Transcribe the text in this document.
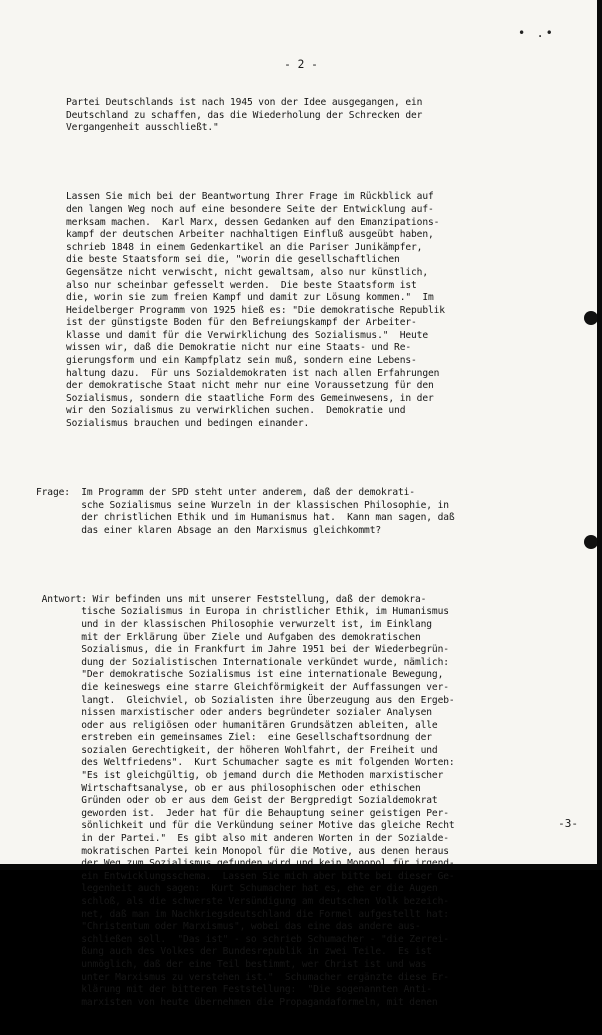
• .•
- 2 -

Partei Deutschlands ist nach 1945 von der Idee ausgegangen, ein
Deutschland zu schaffen, das die Wiederholung der Schrecken der
Vergangenheit ausschließt."

Lassen Sie mich bei der Beantwortung Ihrer Frage im Rückblick auf
den langen Weg noch auf eine besondere Seite der Entwicklung auf-
merksam machen.  Karl Marx, dessen Gedanken auf den Emanzipations-
kampf der deutschen Arbeiter nachhaltigen Einfluß ausgeübt haben,
schrieb 1848 in einem Gedenkartikel an die Pariser Junikämpfer,
die beste Staatsform sei die, "worin die gesellschaftlichen
Gegensätze nicht verwischt, nicht gewaltsam, also nur künstlich,
also nur scheinbar gefesselt werden.  Die beste Staatsform ist
die, worin sie zum freien Kampf und damit zur Lösung kommen."  Im
Heidelberger Programm von 1925 hieß es: "Die demokratische Republik
ist der günstigste Boden für den Befreiungskampf der Arbeiter-
klasse und damit für die Verwirklichung des Sozialismus."  Heute
wissen wir, daß die Demokratie nicht nur eine Staats- und Re-
gierungsform und ein Kampfplatz sein muß, sondern eine Lebens-
haltung dazu.  Für uns Sozialdemokraten ist nach allen Erfahrungen
der demokratische Staat nicht mehr nur eine Voraussetzung für den
Sozialismus, sondern die staatliche Form des Gemeinwesens, in der
wir den Sozialismus zu verwirklichen suchen.  Demokratie und
Sozialismus brauchen und bedingen einander.

Frage:  Im Programm der SPD steht unter anderem, daß der demokrati-
sche Sozialismus seine Wurzeln in der klassischen Philosophie, in
der christlichen Ethik und im Humanismus hat.  Kann man sagen, daß
das einer klaren Absage an den Marxismus gleichkommt?

Antwort: Wir befinden uns mit unserer Feststellung, daß der demokra-
tische Sozialismus in Europa in christlicher Ethik, im Humanismus
und in der klassischen Philosophie verwurzelt ist, im Einklang
mit der Erklärung über Ziele und Aufgaben des demokratischen
Sozialismus, die in Frankfurt im Jahre 1951 bei der Wiederbegrün-
dung der Sozialistischen Internationale verkündet wurde, nämlich:
"Der demokratische Sozialismus ist eine internationale Bewegung,
die keineswegs eine starre Gleichförmigkeit der Auffassungen ver-
langt.  Gleichviel, ob Sozialisten ihre Überzeugung aus den Ergeb-
nissen marxistischer oder anders begründeter sozialer Analysen
oder aus religiösen oder humanitären Grundsätzen ableiten, alle
erstreben ein gemeinsames Ziel:  eine Gesellschaftsordnung der
sozialen Gerechtigkeit, der höheren Wohlfahrt, der Freiheit und
des Weltfriedens".  Kurt Schumacher sagte es mit folgenden Worten:
"Es ist gleichgültig, ob jemand durch die Methoden marxistischer
Wirtschaftsanalyse, ob er aus philosophischen oder ethischen
Gründen oder ob er aus dem Geist der Bergpredigt Sozialdemokrat
geworden ist.  Jeder hat für die Behauptung seiner geistigen Per-
sönlichkeit und für die Verkündung seiner Motive das gleiche Recht
in der Partei."  Es gibt also mit anderen Worten in der Sozialde-
mokratischen Partei kein Monopol für die Motive, aus denen heraus

ein Entwicklungsschema.  Lassen Sie mich aber bitte bei dieser Ge-
legenheit auch sagen:  Kurt Schumacher hat es, ehe er die Augen
schloß, als die schwerste Versündigung am deutschen Volk bezeich-
net, daß man im Nachkriegsdeutschland die Formel aufgestellt hat:
"Christentum oder Marxismus", wobei das eine das andere aus-
schließen soll.  "Das ist" - so schrieb Schumacher - "die Zerrei-
ßung auch des Volkes der Bundesrepublik in zwei Teile.  Es ist
unmöglich, daß der eine Teil bestimmt, wer Christ ist und was
unter Marxismus zu verstehen ist."  Schumacher ergänzte diese Er-
klärung mit der bitteren Feststellung:  "Die sogenannten Anti-
marxisten von heute übernehmen die Propagandaformeln, mit denen

-3-
